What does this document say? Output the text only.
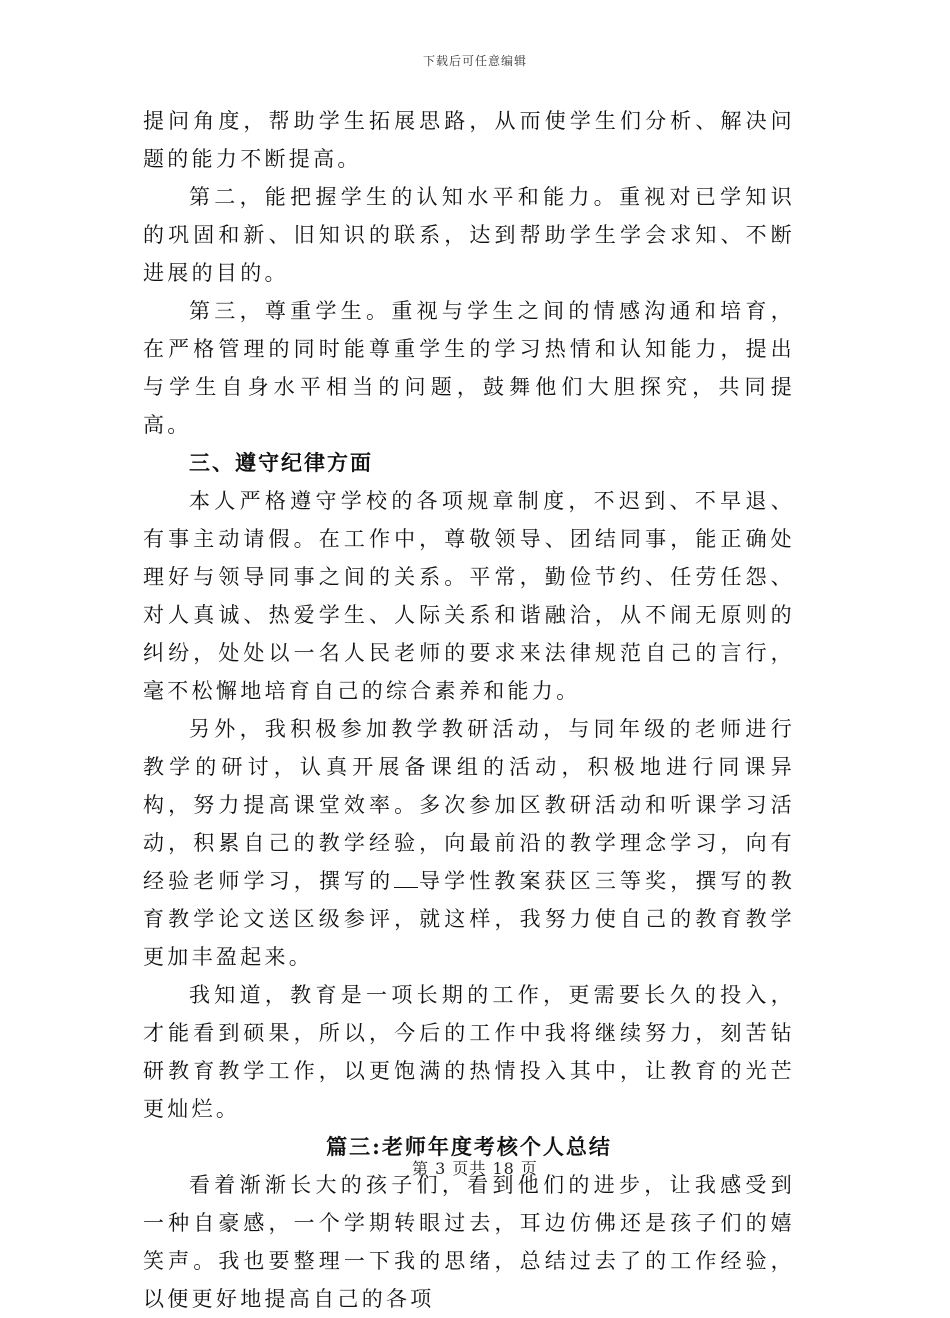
下载后可任意编辑

提问角度，帮助学生拓展思路，从而使学生们分析、解决问题的能力不断提高。

第二，能把握学生的认知水平和能力。重视对已学知识的巩固和新、旧知识的联系，达到帮助学生学会求知、不断进展的目的。

第三，尊重学生。重视与学生之间的情感沟通和培育，在严格管理的同时能尊重学生的学习热情和认知能力，提出与学生自身水平相当的问题，鼓舞他们大胆探究，共同提高。

三、遵守纪律方面

本人严格遵守学校的各项规章制度，不迟到、不早退、有事主动请假。在工作中，尊敬领导、团结同事，能正确处理好与领导同事之间的关系。平常，勤俭节约、任劳任怨、对人真诚、热爱学生、人际关系和谐融洽，从不闹无原则的纠纷，处处以一名人民老师的要求来法律规范自己的言行，毫不松懈地培育自己的综合素养和能力。

另外，我积极参加教学教研活动，与同年级的老师进行教学的研讨，认真开展备课组的活动，积极地进行同课异构，努力提高课堂效率。多次参加区教研活动和听课学习活动，积累自己的教学经验，向最前沿的教学理念学习，向有经验老师学习，撰写的 导学性教案获区三等奖，撰写的教育教学论文送区级参评，就这样，我努力使自己的教育教学更加丰盈起来。

我知道，教育是一项长期的工作，更需要长久的投入，才能看到硕果，所以，今后的工作中我将继续努力，刻苦钻研教育教学工作，以更饱满的热情投入其中，让教育的光芒更灿烂。

篇三:老师年度考核个人总结

看着渐渐长大的孩子们，看到他们的进步，让我感受到一种自豪感，一个学期转眼过去，耳边仿佛还是孩子们的嬉笑声。我也要整理一下我的思绪，总结过去了的工作经验，以便更好地提高自己的各项

第 3 页共 18 页
